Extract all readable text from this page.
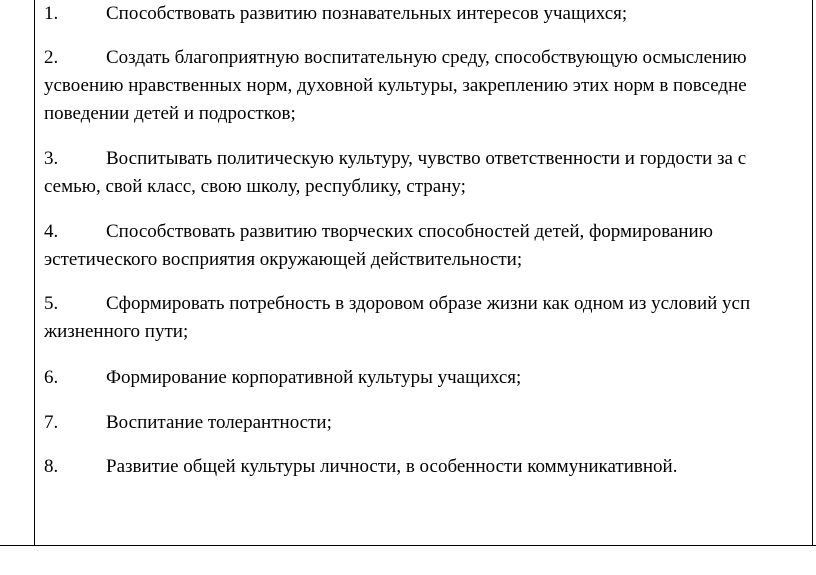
1.	Способствовать развитию познавательных интересов учащихся;
2.	Создать благоприятную воспитательную среду, способствующую осмыслению
усвоению нравственных норм, духовной культуры, закреплению этих норм в повседне
поведении детей и подростков;
3.	Воспитывать политическую культуру, чувство ответственности и гордости за с
семью, свой класс, свою школу, республику, страну;
4.	Способствовать развитию творческих способностей детей, формированию
эстетического восприятия окружающей действительности;
5.	Сформировать потребность в здоровом образе жизни как одном из условий усп
жизненного пути;
6.	Формирование корпоративной культуры учащихся;
7.	Воспитание толерантности;
8.	Развитие общей культуры личности, в особенности коммуникативной.
